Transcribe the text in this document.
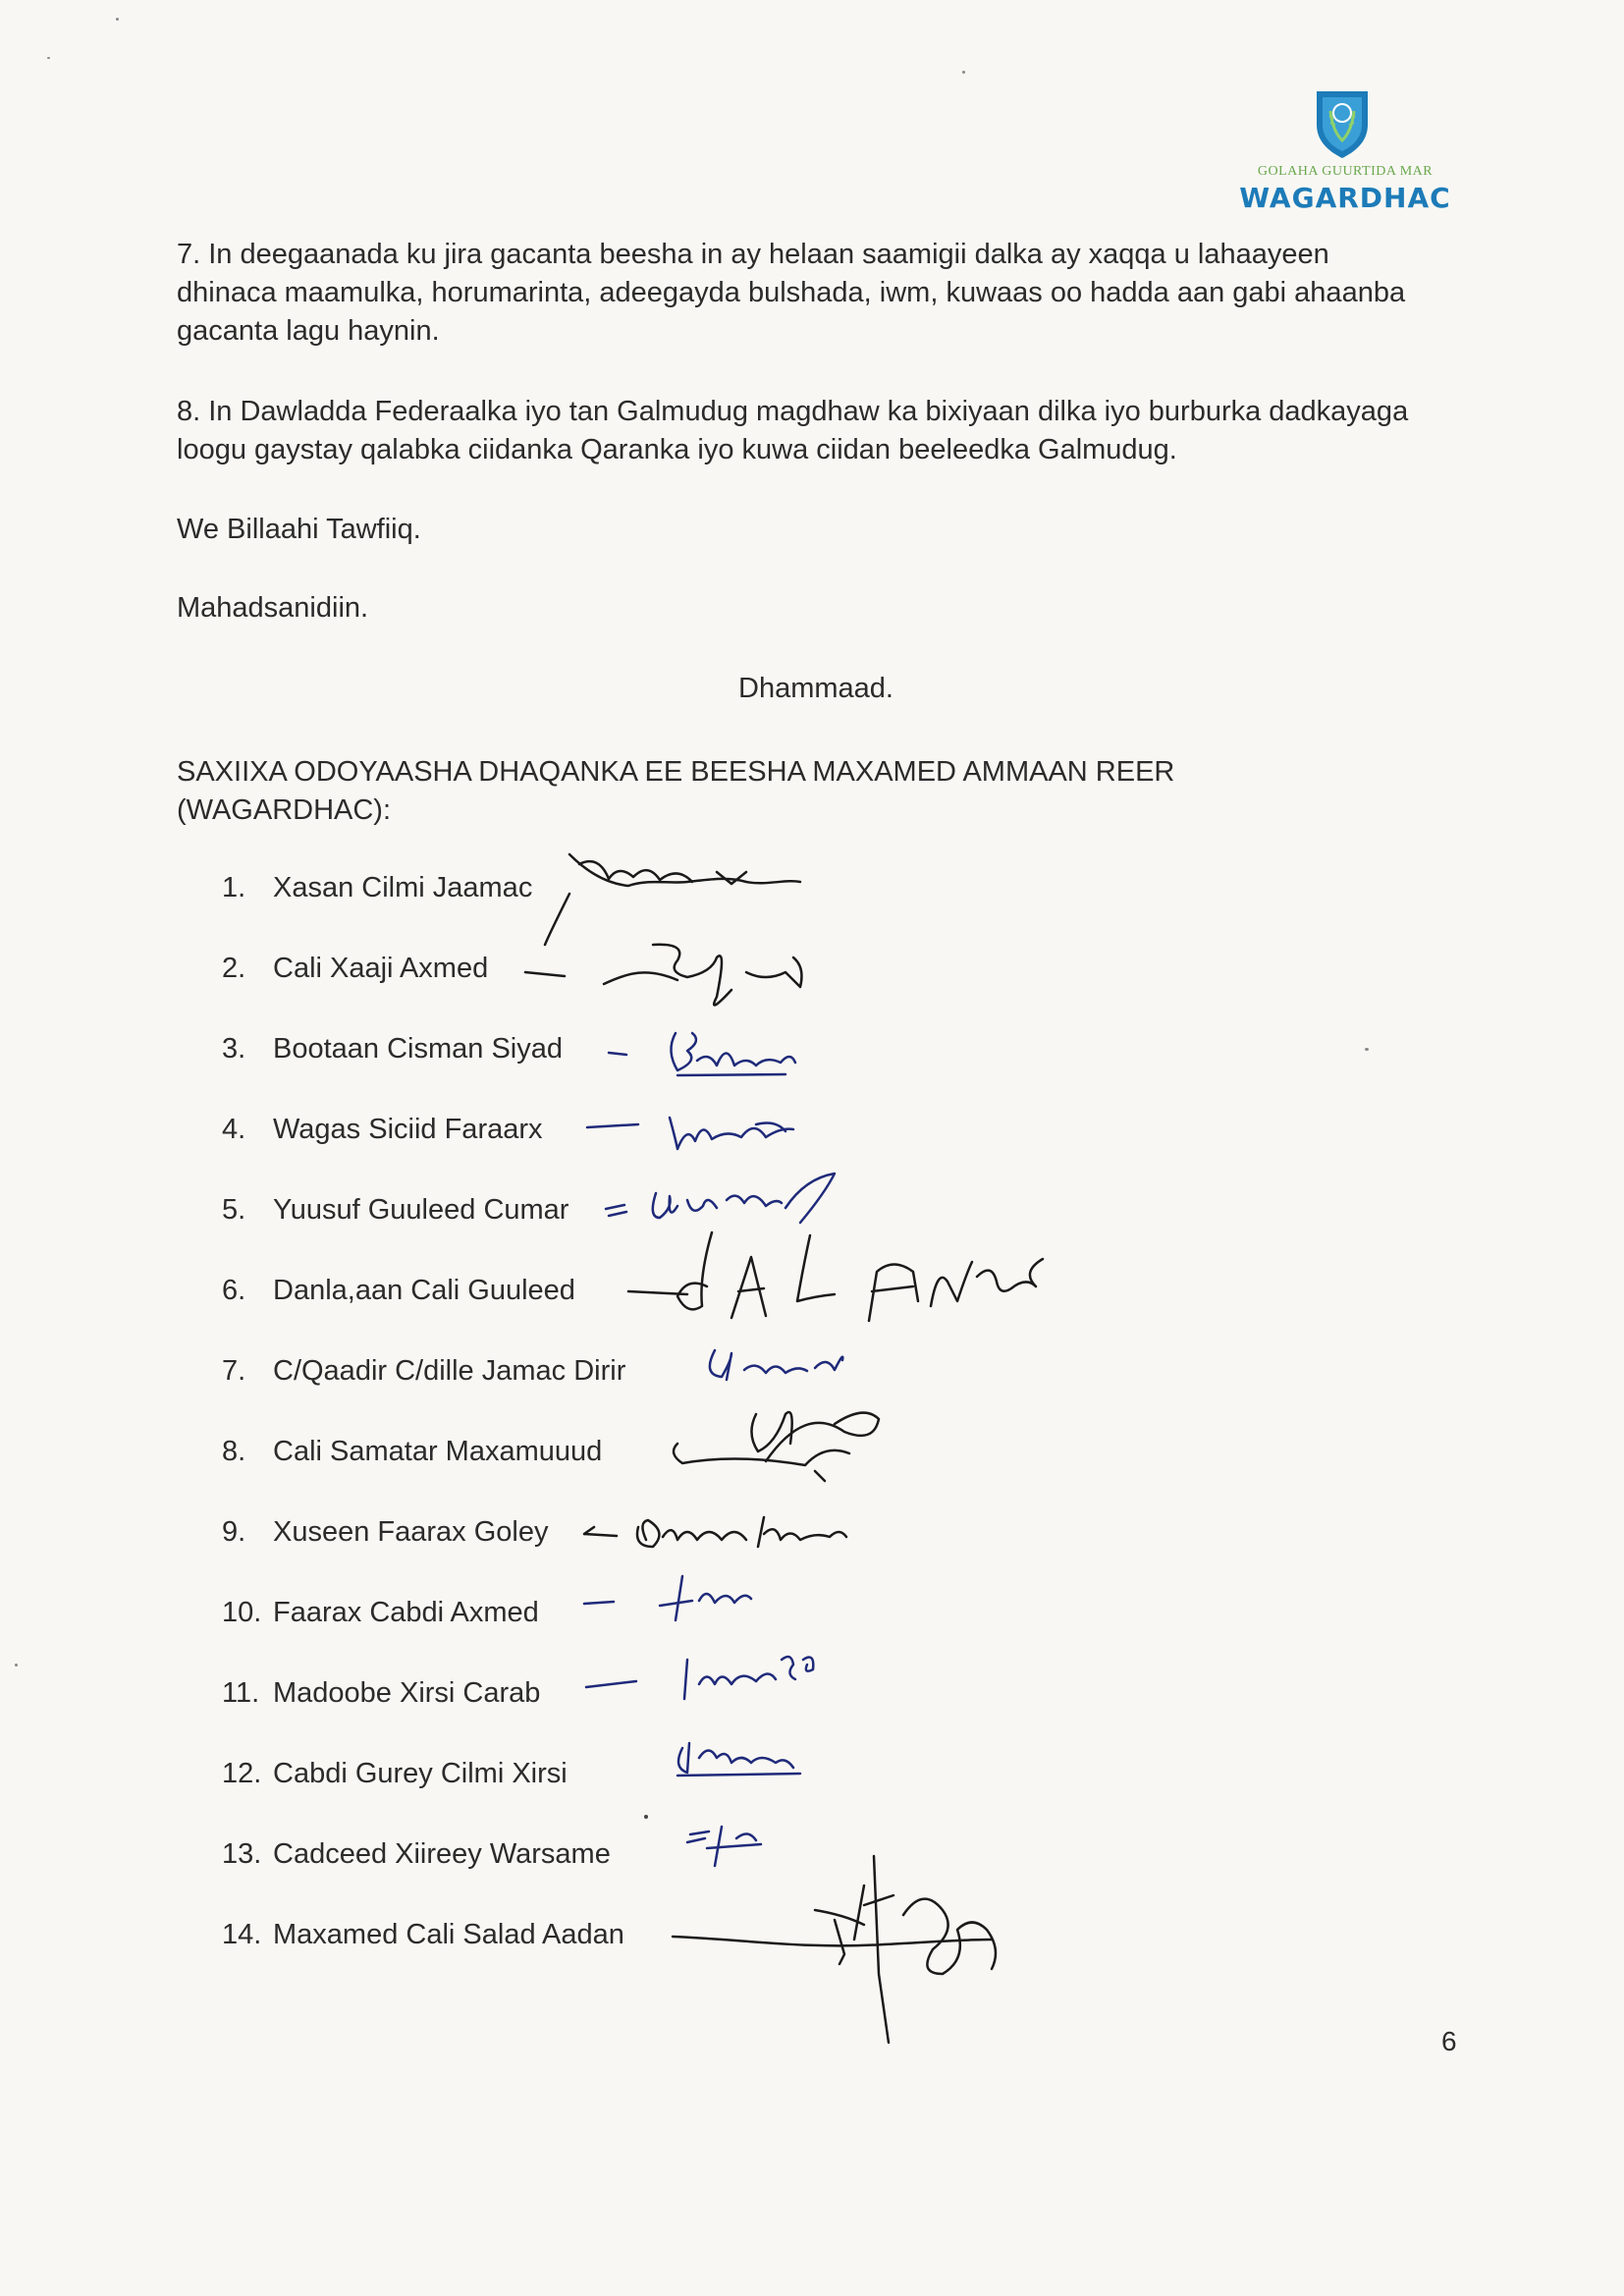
GOLAHA GUURTIDA MAR
WAGARDHAC
7. In deegaanada ku jira gacanta beesha in ay helaan saamigii dalka ay xaqqa u lahaayeen dhinaca maamulka, horumarinta, adeegayda bulshada, iwm, kuwaas oo hadda aan gabi ahaanba gacanta lagu haynin.
8. In Dawladda Federaalka iyo tan Galmudug magdhaw ka bixiyaan dilka iyo burburka dadkayaga loogu gaystay qalabka ciidanka Qaranka iyo kuwa ciidan beeleedka Galmudug.
We Billaahi Tawfiiq.
Mahadsanidiin.
Dhammaad.
SAXIIXA ODOYAASHA DHAQANKA EE BEESHA MAXAMED AMMAAN REER (WAGARDHAC):
1. Xasan Cilmi Jaamac
2. Cali Xaaji Axmed
3. Bootaan Cisman Siyad
4. Wagas Siciid Faraarx
5. Yuusuf Guuleed Cumar
6. Danla,aan Cali Guuleed
7. C/Qaadir C/dille Jamac Dirir
8. Cali Samatar Maxamuuud
9. Xuseen Faarax Goley
10. Faarax Cabdi Axmed
11. Madoobe Xirsi Carab
12. Cabdi Gurey Cilmi Xirsi
13. Cadceed Xiireey Warsame
14. Maxamed Cali Salad Aadan
6
